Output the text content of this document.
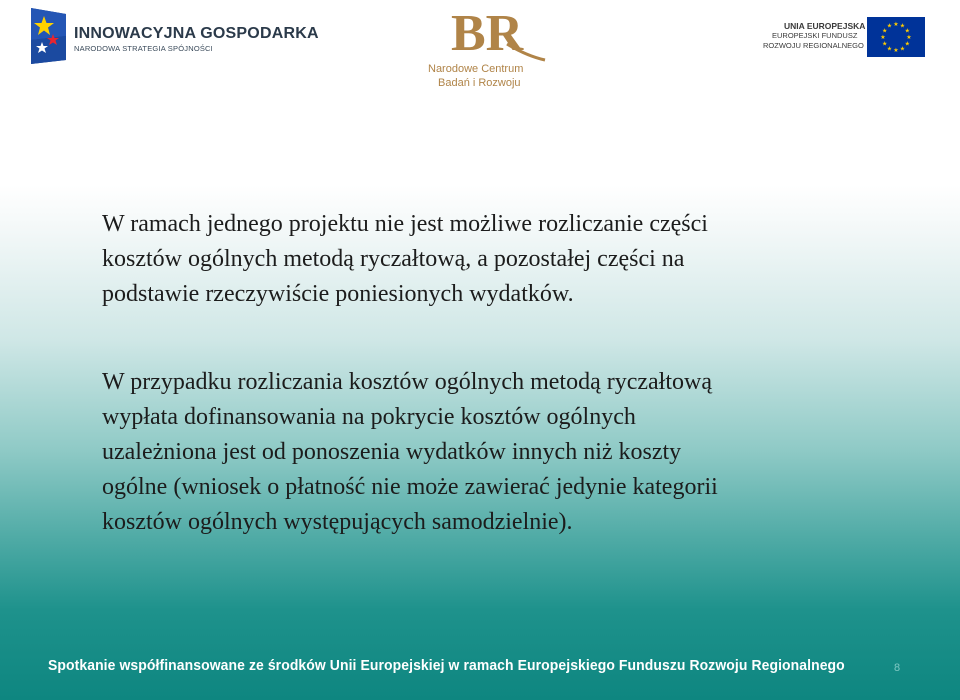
INNOWACYJNA GOSPODARKA
NARODOWA STRATEGIA SPÓJNOŚCI	BR
Narodowe Centrum
Badań i Rozwoju
UNIA EUROPEJSKA
EUROPEJSKI FUNDUSZ
ROZWOJU REGIONALNEGO
★ ★
★
★
★
★
★
★
★
★
★
★

W ramach jednego projektu nie jest możliwe rozliczanie części
kosztów ogólnych metodą ryczałtową, a pozostałej części na
podstawie rzeczywiście poniesionych wydatków.

W przypadku rozliczania kosztów ogólnych metodą ryczałtową
wypłata dofinansowania na pokrycie kosztów ogólnych
uzależniona jest od ponoszenia wydatków innych niż koszty
ogólne (wniosek o płatność nie może zawierać jedynie kategorii
kosztów ogólnych występujących samodzielnie).

Spotkanie współfinansowane ze środków Unii Europejskiej w ramach Europejskiego Funduszu Rozwoju Regionalnego	8
